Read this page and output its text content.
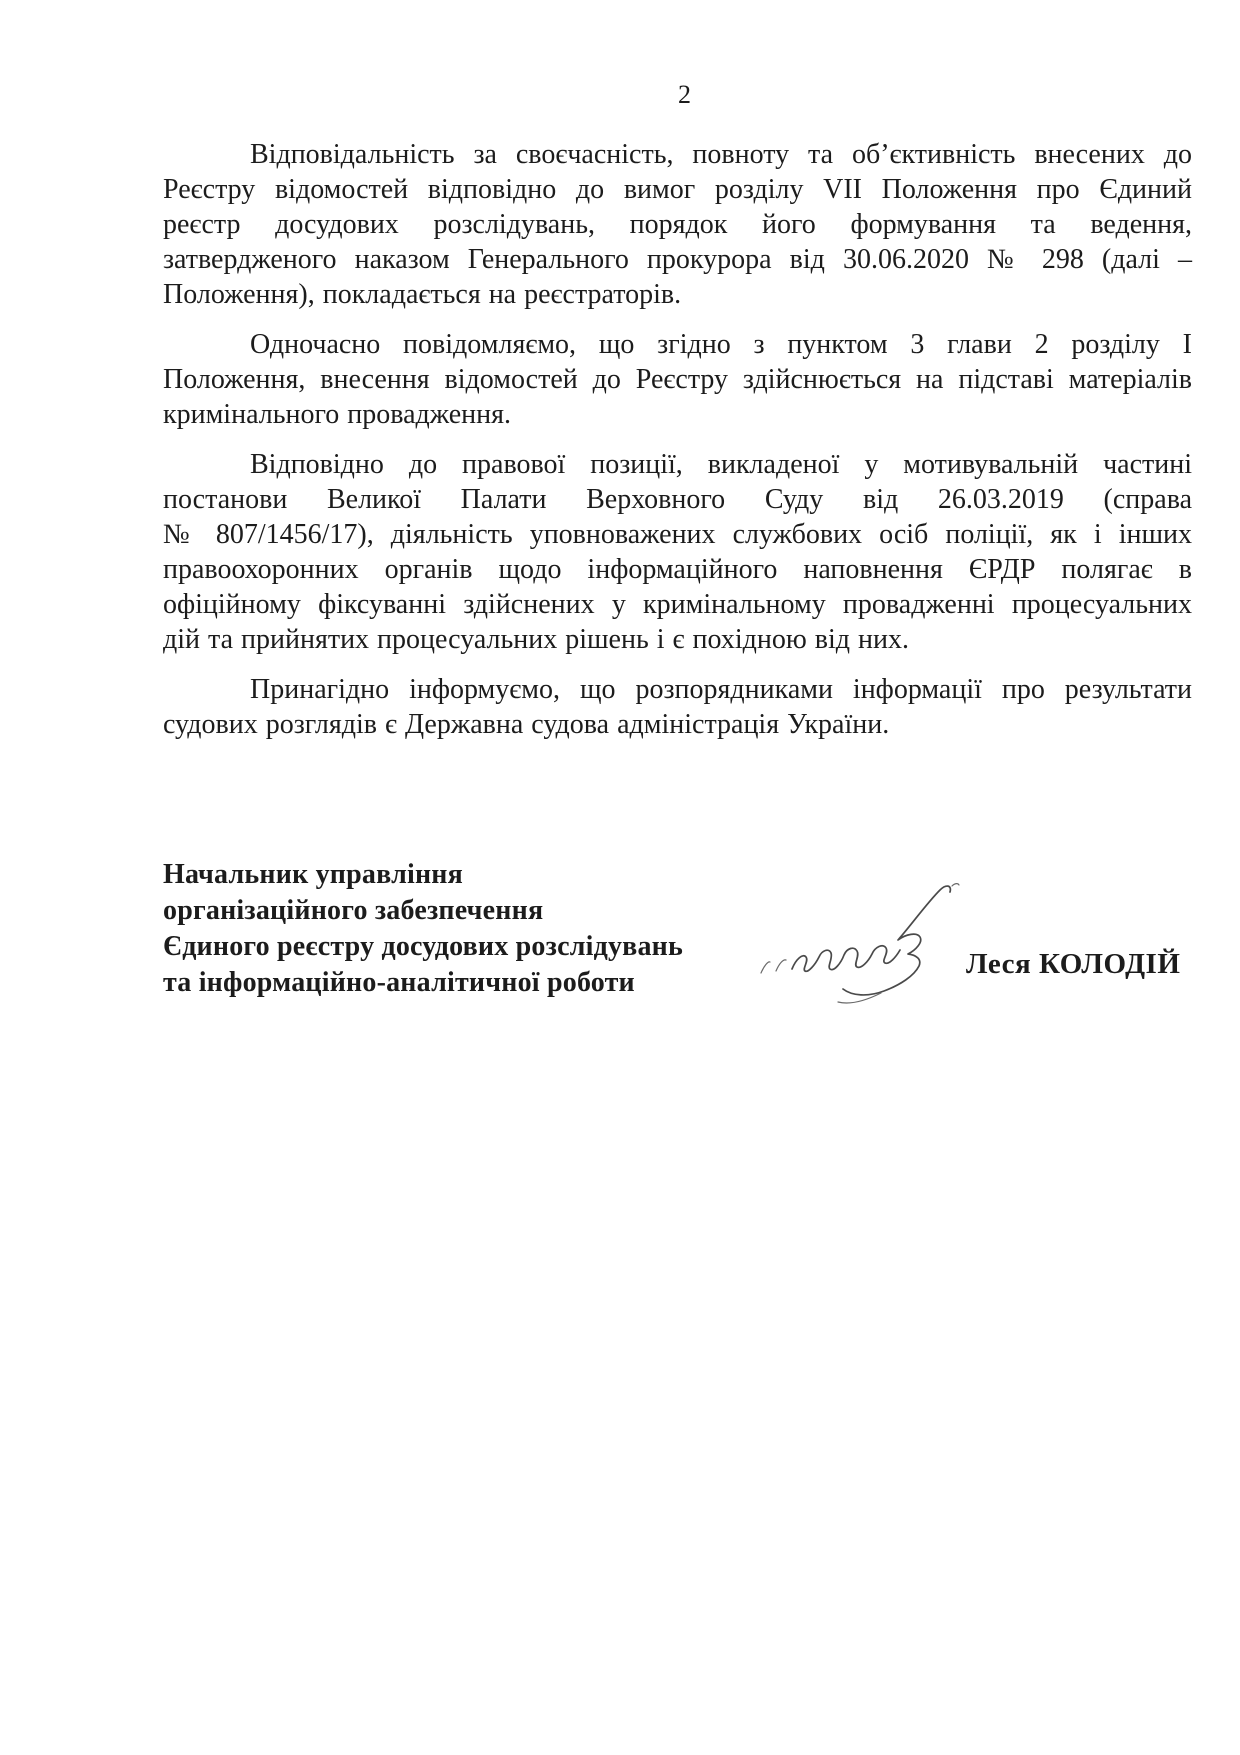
2
Відповідальність за своєчасність, повноту та об’єктивність внесених до
Реєстру відомостей відповідно до вимог розділу VII Положення про Єдиний
реєстр досудових розслідувань, порядок його формування та ведення,
затвердженого наказом Генерального прокурора від 30.06.2020 № 298 (далі –
Положення), покладається на реєстраторів.
Одночасно повідомляємо, що згідно з пунктом 3 глави 2 розділу І
Положення, внесення відомостей до Реєстру здійснюється на підставі матеріалів
кримінального провадження.
Відповідно до правової позиції, викладеної у мотивувальній частині
постанови Великої Палати Верховного Суду від 26.03.2019 (справа
№ 807/1456/17), діяльність уповноважених службових осіб поліції, як і інших
правоохоронних органів щодо інформаційного наповнення ЄРДР полягає в
офіційному фіксуванні здійснених у кримінальному провадженні процесуальних
дій та прийнятих процесуальних рішень і є похідною від них.
Принагідно інформуємо, що розпорядниками інформації про результати
судових розглядів є Державна судова адміністрація України.
Начальник управління
організаційного забезпечення
Єдиного реєстру досудових розслідувань
та інформаційно-аналітичної роботи
Леся КОЛОДІЙ
